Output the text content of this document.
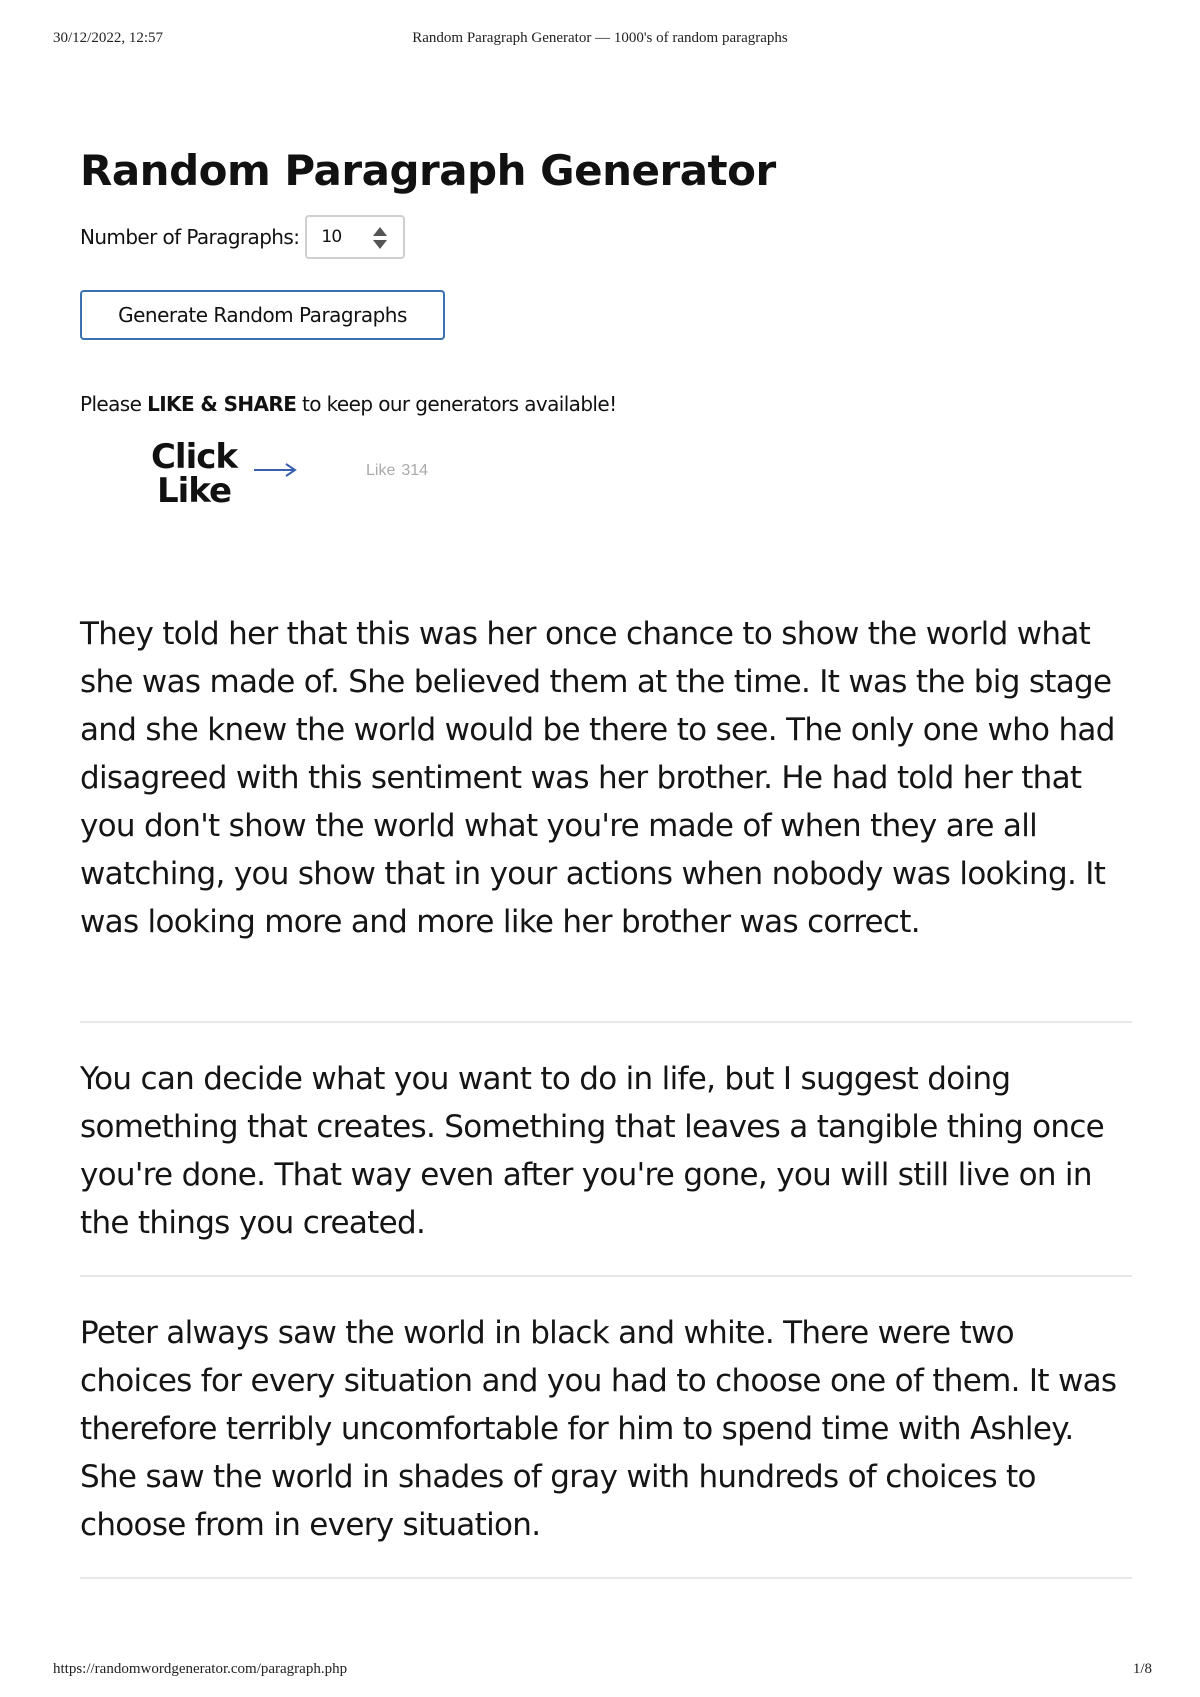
30/12/2022, 12:57	Random Paragraph Generator — 1000's of random paragraphs
Random Paragraph Generator
Number of Paragraphs: 10
Generate Random Paragraphs
Please LIKE & SHARE to keep our generators available!
Click
Like
Like 314

They told her that this was her once chance to show the world what she was made of. She believed them at the time. It was the big stage and she knew the world would be there to see. The only one who had disagreed with this sentiment was her brother. He had told her that you don't show the world what you're made of when they are all watching, you show that in your actions when nobody was looking. It was looking more and more like her brother was correct.

You can decide what you want to do in life, but I suggest doing something that creates. Something that leaves a tangible thing once you're done. That way even after you're gone, you will still live on in the things you created.

Peter always saw the world in black and white. There were two choices for every situation and you had to choose one of them. It was therefore terribly uncomfortable for him to spend time with Ashley. She saw the world in shades of gray with hundreds of choices to choose from in every situation.

https://randomwordgenerator.com/paragraph.php	1/8
